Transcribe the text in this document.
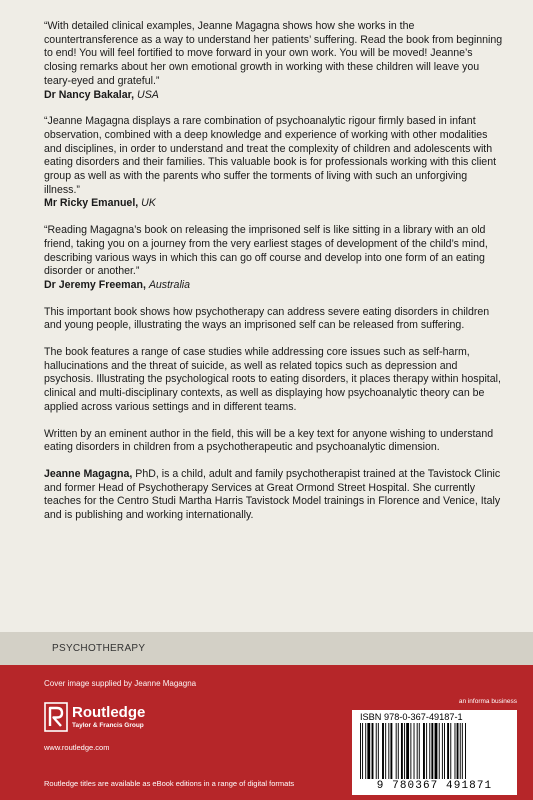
“With detailed clinical examples, Jeanne Magagna shows how she works in the countertransference as a way to understand her patients’ suffering. Read the book from beginning to end! You will feel fortified to move forward in your own work. You will be moved! Jeanne’s closing remarks about her own emotional growth in working with these children will leave you teary-eyed and grateful.”
Dr Nancy Bakalar, USA

“Jeanne Magagna displays a rare combination of psychoanalytic rigour firmly based in infant observation, combined with a deep knowledge and experience of working with other modalities and disciplines, in order to understand and treat the complexity of children and adolescents with eating disorders and their families. This valuable book is for professionals working with this client group as well as with the parents who suffer the torments of living with such an unforgiving illness.”
Mr Ricky Emanuel, UK

“Reading Magagna’s book on releasing the imprisoned self is like sitting in a library with an old friend, taking you on a journey from the very earliest stages of development of the child’s mind, describing various ways in which this can go off course and develop into one form of an eating disorder or another.”
Dr Jeremy Freeman, Australia

This important book shows how psychotherapy can address severe eating disorders in children and young people, illustrating the ways an imprisoned self can be released from suffering.

The book features a range of case studies while addressing core issues such as self-harm, hallucinations and the threat of suicide, as well as related topics such as depression and psychosis. Illustrating the psychological roots to eating disorders, it places therapy within hospital, clinical and multi-disciplinary contexts, as well as displaying how psychoanalytic theory can be applied across various settings and in different teams.

Written by an eminent author in the field, this will be a key text for anyone wishing to understand eating disorders in children from a psychotherapeutic and psychoanalytic dimension.

Jeanne Magagna, PhD, is a child, adult and family psychotherapist trained at the Tavistock Clinic and former Head of Psychotherapy Services at Great Ormond Street Hospital. She currently teaches for the Centro Studi Martha Harris Tavistock Model trainings in Florence and Venice, Italy and is publishing and working internationally.

PSYCHOTHERAPY
Cover image supplied by Jeanne Magagna
Routledge
Taylor & Francis Group
www.routledge.com
Routledge titles are available as eBook editions in a range of digital formats
an informa business
ISBN 978-0-367-49187-1
9 780367 491871
